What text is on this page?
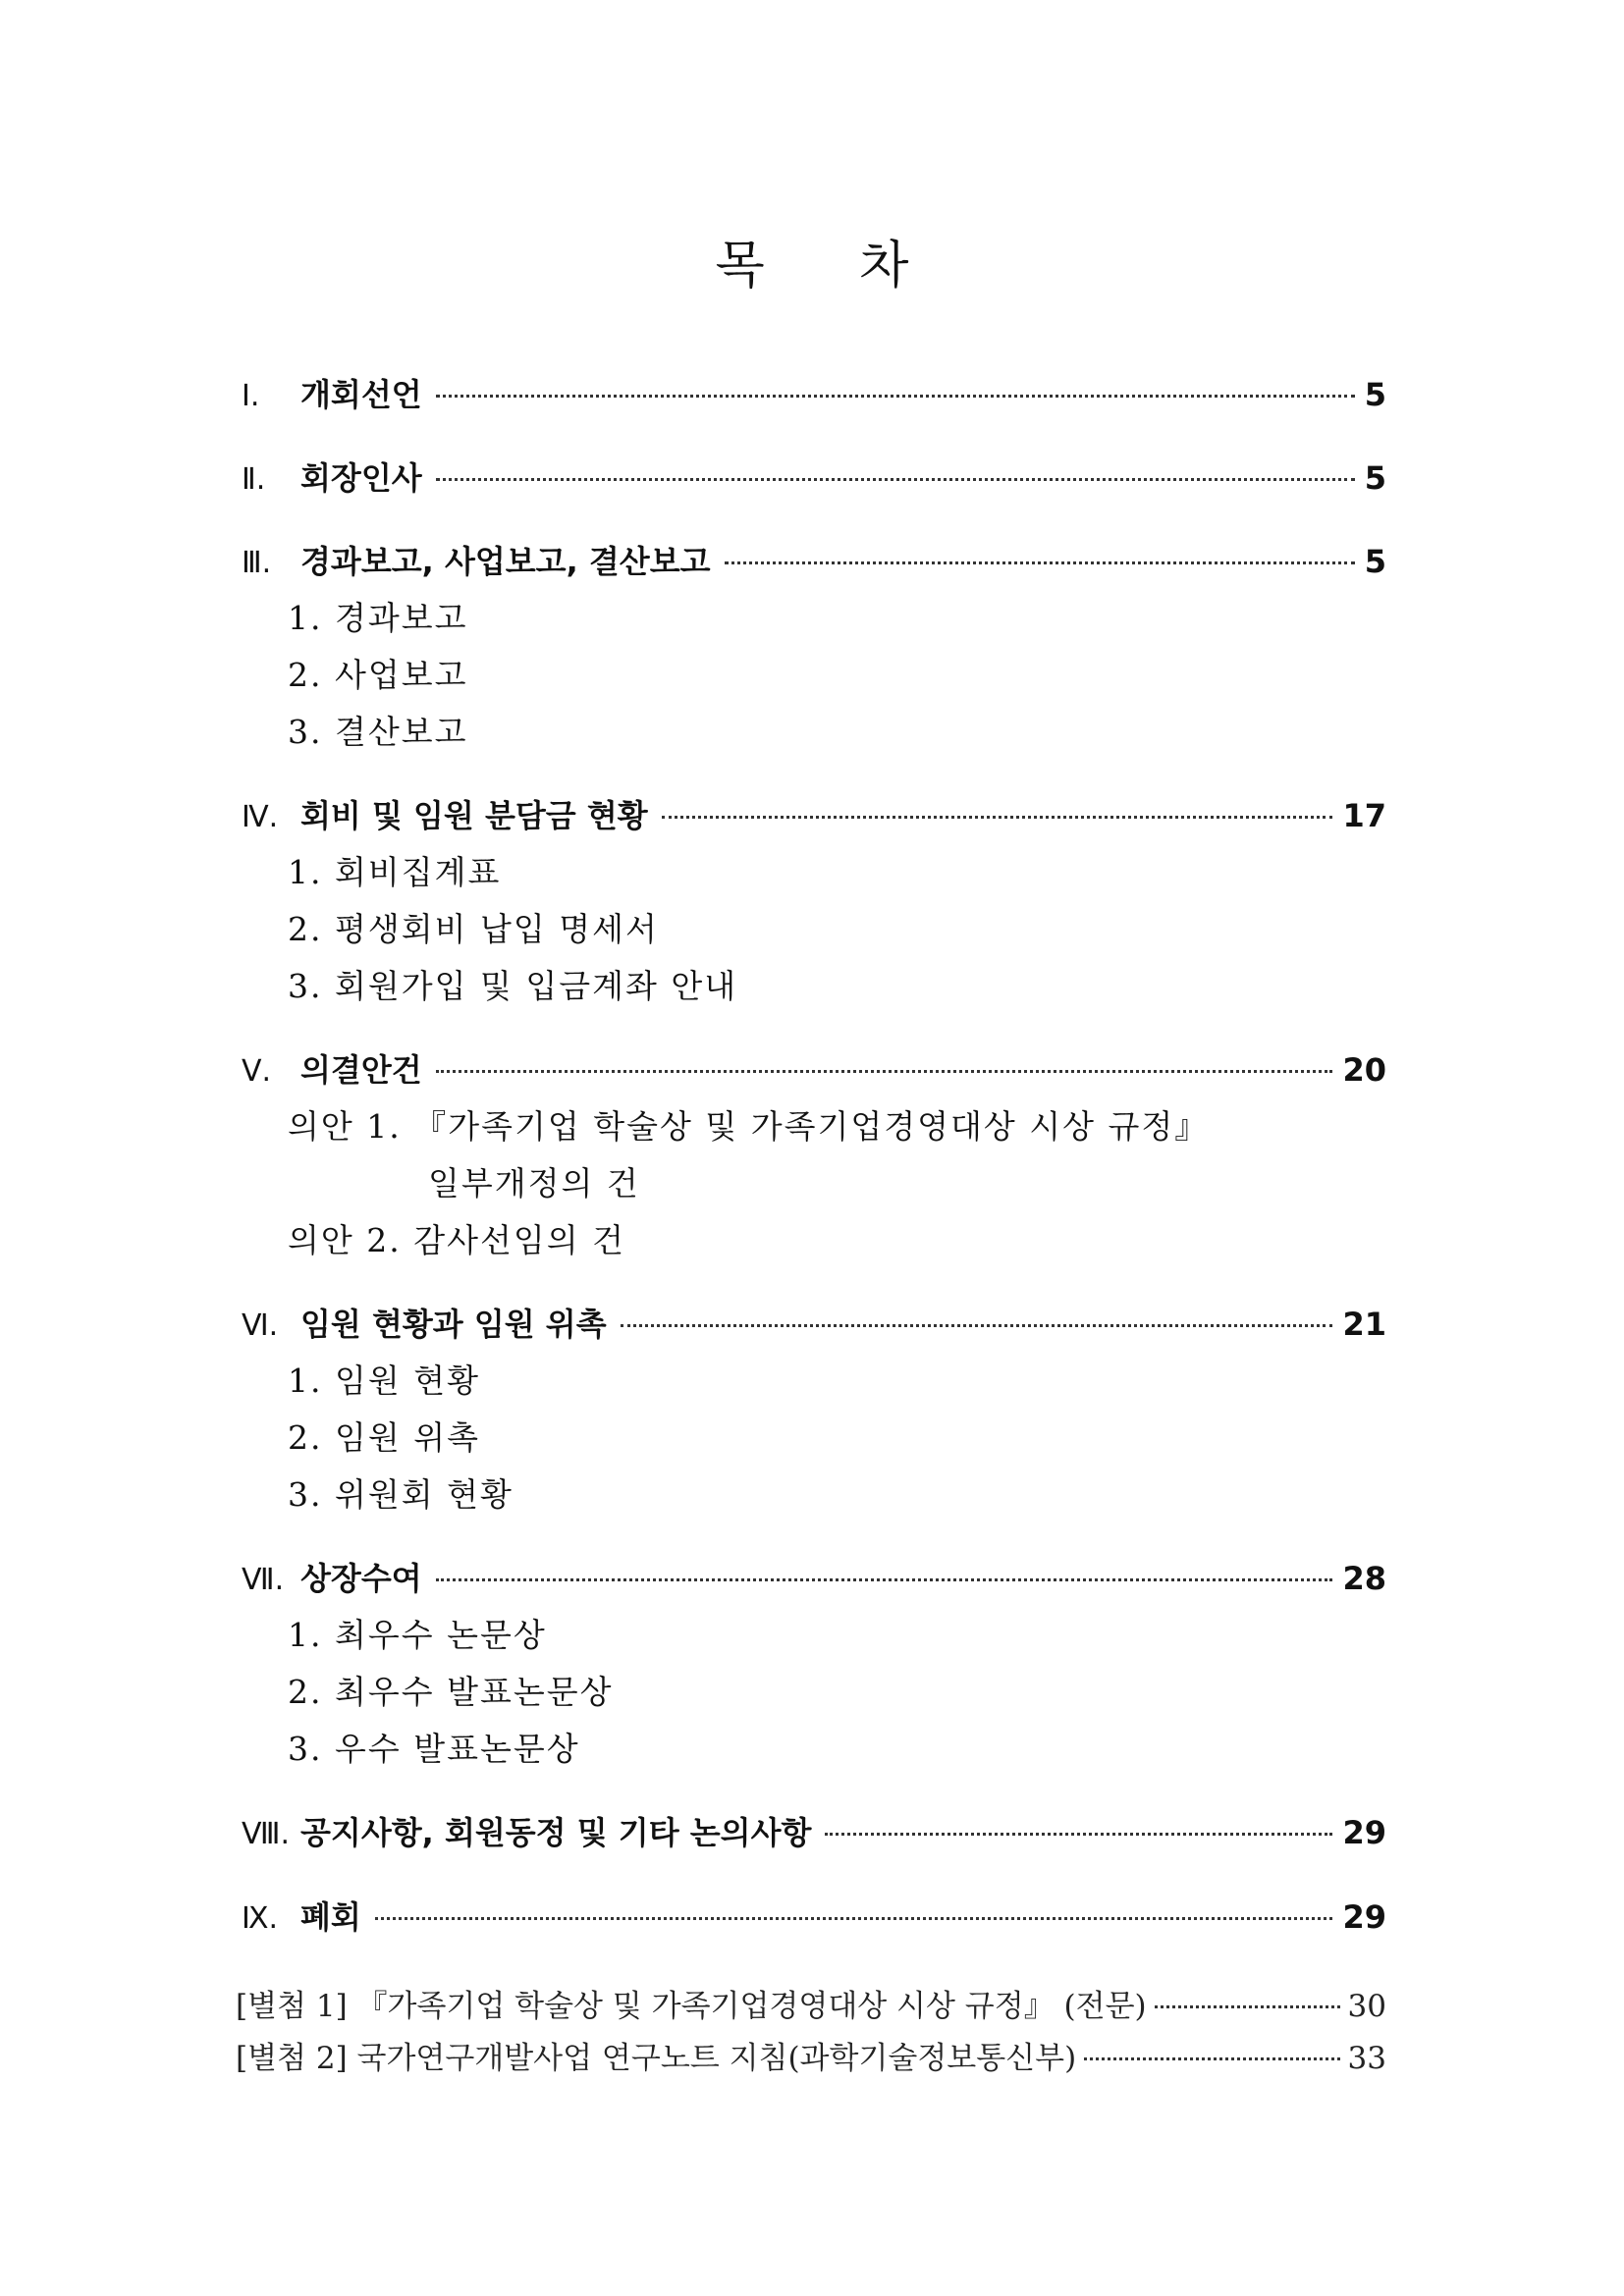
목 차
Ⅰ.	개회선언	5
Ⅱ.	회장인사	5
Ⅲ. 경과보고, 사업보고, 결산보고	5
1. 경과보고
2. 사업보고
3. 결산보고
Ⅳ. 회비 및 임원 분담금 현황	17
1. 회비집계표
2. 평생회비 납입 명세서
3. 회원가입 및 입금계좌 안내
Ⅴ. 의결안건	20
의안 1. 『가족기업 학술상 및 가족기업경영대상 시상 규정』
일부개정의 건
의안 2. 감사선임의 건
Ⅵ. 임원 현황과 임원 위촉	21
1. 임원 현황
2. 임원 위촉
3. 위원회 현황
Ⅶ. 상장수여	28
1. 최우수 논문상
2. 최우수 발표논문상
3. 우수 발표논문상
Ⅷ. 공지사항, 회원동정 및 기타 논의사항	29
Ⅸ. 폐회	29
[별첨 1] 『가족기업 학술상 및 가족기업경영대상 시상 규정』 (전문)	30
[별첨 2] 국가연구개발사업 연구노트 지침(과학기술정보통신부)	33
